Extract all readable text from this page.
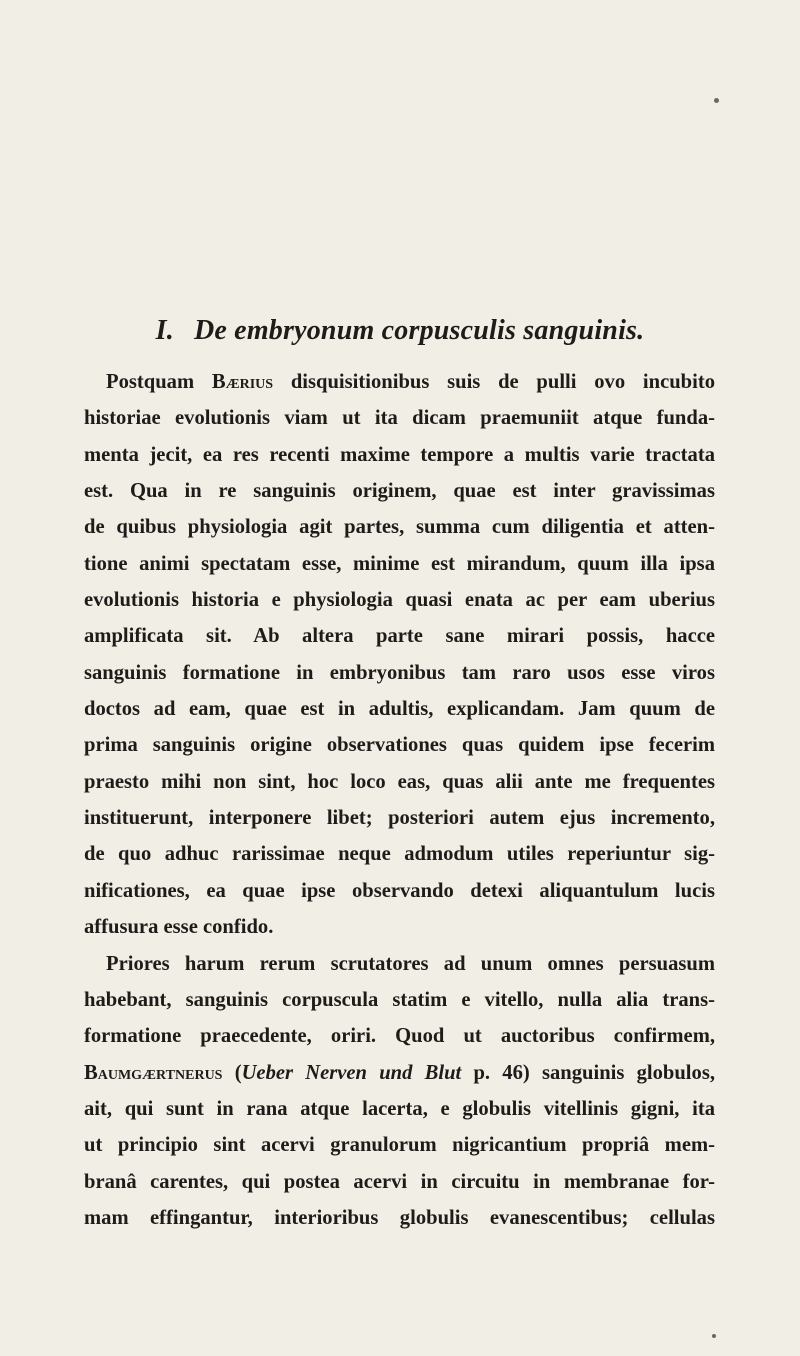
I. De embryonum corpusculis sanguinis.
Postquam Bærius disquisitionibus suis de pulli ovo incubito
historiae evolutionis viam ut ita dicam praemuniit atque funda-
menta jecit, ea res recenti maxime tempore a multis varie tractata
est. Qua in re sanguinis originem, quae est inter gravissimas
de quibus physiologia agit partes, summa cum diligentia et atten-
tione animi spectatam esse, minime est mirandum, quum illa ipsa
evolutionis historia e physiologia quasi enata ac per eam uberius
amplificata sit. Ab altera parte sane mirari possis, hacce
sanguinis formatione in embryonibus tam raro usos esse viros
doctos ad eam, quae est in adultis, explicandam. Jam quum de
prima sanguinis origine observationes quas quidem ipse fecerim
praesto mihi non sint, hoc loco eas, quas alii ante me frequentes
instituerunt, interponere libet; posteriori autem ejus incremento,
de quo adhuc rarissimae neque admodum utiles reperiuntur sig-
nificationes, ea quae ipse observando detexi aliquantulum lucis
affusura esse confido.
Priores harum rerum scrutatores ad unum omnes persuasum
habebant, sanguinis corpuscula statim e vitello, nulla alia trans-
formatione praecedente, oriri. Quod ut auctoribus confirmem,
Baumgærtnerus (Ueber Nerven und Blut p. 46) sanguinis globulos,
ait, qui sunt in rana atque lacerta, e globulis vitellinis gigni, ita
ut principio sint acervi granulorum nigricantium propriâ mem-
branâ carentes, qui postea acervi in circuitu in membranae for-
mam effingantur, interioribus globulis evanescentibus; cellulas
